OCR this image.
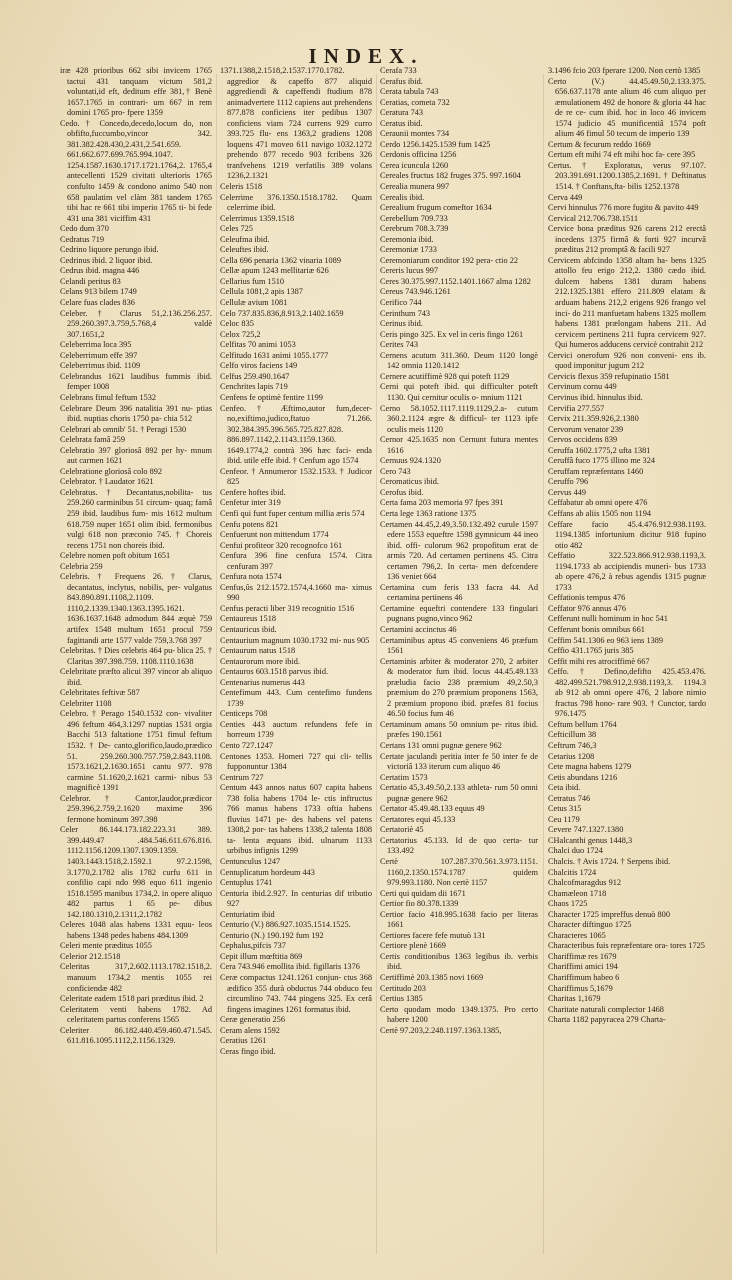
INDEX.
iræ 428 prioribus 662 sibi invicem 1765 tactui 431 tanquam victum 581,2 voluntati,id eft, deditum effe 381,† Benè 1657.1765 in contrari- um 667 in rem domini 1765 pro- fpere 1359
Cedo. † Concedo,decedo,locum do, non obfifto,fuccumbo,vincor 342. 381.382.428.430,2.431,2.541.659. 661.662.677.699.765.994.1047. 1254.1587.1630.1717.1721.1764,2. 1765,4 antecellenti 1529 civitati ulterioris 1765 confulto 1459 & condono animo 540 non 658 paulatim vel clàm 381 tandem 1765 tibi hac re 661 tibi imperio 1765 ti- bi fede 431 una 381 viciffim 431
Cedo dum 370
Cedratus 719
Cedrino liquore perungo ibid.
Cedrinus ibid. 2 liquor ibid.
Cedrus ibid. magna 446
Celandi peritus 83
Celans 913 bilem 1749
Celare fuas clades 836
Celeber. † Clarus 51,2.136.256.257. 259.260.397.3.759,5.768,4 valdè 307.1651,2
Celeberrima loca 395
Celeberrimum effe 397
Celeberrimus ibid. 1109
Celebrandus 1621 laudibus fummis ibid. femper 1008
Celebrans fimul feftum 1532
Celebrare Deum 396 natalitia 391 nu- ptias ibid. nuptias choris 1750 pa- chia 512
Celebrari ab omnib' 51. † Peragi 1530
Celebrata famâ 259
Celebratio 397 gloriosâ 892 per hy- mnum aut carmen 1621
Celebratione gloriosâ colo 892
Celebrator. † Laudator 1621
Celebratus. † Decantatus,nobilita- tus 259.260 carminibus 51 circum- quaq; famâ 259 ibid. laudibus fum- mis 1612 multum 618.759 nuper 1651 olim ibid. fermonibus vulgi 618 non præconio 745. † Choreis recens 1751 non choreis ibid.
Celebre nomen poft obitum 1651
Celebria 259
Celebris. † Frequens 26. † Clarus, decantatus, inclytus, nobilis, per- vulgatus 843.890.891.1108,2.1109. 1110,2.1339.1340.1363.1395.1621. 1636.1637.1648 admodum 844 æquè 759 artifex 1548 multum 1651 procul 759 fagittandi arte 1577 valde 759,3.768 397
Celebritas. † Dies celebris 464 pu- blica 25. † Claritas 397.398.759. 1108.1110.1638
Celebritate præfto alicui 397 vincor ab aliquo ibid.
Celebritates feftivæ 587
Celebriter 1108
Celebro. † Perago 1540.1532 con- vivaliter 496 feftum 464,3.1297 nuptias 1531 orgia Bacchi 513 faltatione 1751 fimul feftum 1532. † De- canto,glorifico,laudo,prædico 51. 259.260.300.757.759,2.843.1108. 1573.1621,2.1630.1651 cantu 977. 978 carmine 51.1620,2.1621 carmi- nibus 53 magnificè 1391
Celebror. † Cantor,laudor,prædicor 259.396,2.759,2.1620 maxime 396 fermone hominum 397.398
Celer 86.144.173.182.223.31 389. 399.449.47 .484.546.611.676.816. 1112.1156.1209.1307.1309.1359. 1403.1443.1518,2.1592.1 97.2.1598, 3.1770,2.1782 alis 1782 curfu 611 in confilio capi ndo 998 equo 611 ingenio 1518.1595 manibus 1734,2. in opere aliquo 482 partus 1 65 pe- dibus 142.180.1310,2.1311,2.1782
Celeres 1048 alas habens 1331 equu- leos habens 1348 pedes habens 484.1309
Celeri mente præditus 1055
Celerior 212.1518
Celeritas 317,2.602.1113.1782.1518,2. manuum 1734,2 mentis 1055 rei conficiendæ 482
Celeritate eadem 1518 pari præditus ibid. 2
Celeritatem venti habens 1782. Ad celeritatem partus conferens 1565
Celeriter 86.182.440.459.460.471.545. 611.816.1095.1112,2.1156.1329.
1371.1388,2.1518,2.1537.1770.1782. aggredior & capeffo 877 aliquid aggrediendi & capeffendi ftudium 878 animadvertere 1112 capiens aut prehendens 877.878 conficiens iter pedibus 1307 conficiens viam 724 currens 929 curro 393.725 flu- ens 1363,2 gradiens 1208 loquens 471 moveo 611 navigo 1032.1272 prehendo 877 recedo 903 fcribens 326 tranfvehens 1219 verfatilis 389 volans 1236,2.1321
Celeris 1518
Celerrime 376.1350.1518.1782. Quam celerrime ibid.
Celerrimus 1359.1518
Celes 725
Celeufma ibid.
Celeuftes ibid.
Cella 696 penaria 1362 vinaria 1089
Cellæ apum 1243 mellitariæ 626
Cellarius fum 1510
Cellula 1081,2 apis 1387
Cellulæ avium 1081
Celo 737.835.836,8.913,2.1402.1659
Celoc 835
Celox 725,2
Celfitas 70 animi 1053
Celfitudo 1631 animi 1055.1777
Celfo viros faciens 149
Celfus 259.490.1647
Cenchrites lapis 719
Cenfens fe optimè fentire 1199
Cenfeo. † Æftimo,autor fum,decer- no,exiftimo,judico,ftatuo 71.266. 302.384.395.396.565.725.827.828. 886.897.1142,2.1143.1159.1360. 1649.1774,2 contrà 396 hæc faci- enda ibid. utile effe ibid. † Cenfum ago 1574
Cenfeor. † Annumeror 1532.1533. † Judicor 825
Cenfere hoftes ibid.
Cenfetur inter 319
Cenfi qui funt fuper centum millia æris 574
Cenfu potens 821
Cenfuerunt non mittendum 1774
Cenfui profiteor 320 recognofco 161
Cenfura 396 fine cenfura 1574. Citra cenfuram 397
Cenfura nota 1574
Cenfus,ûs 212.1572.1574,4.1660 ma- ximus 990
Cenfus peracti liber 319 recognitio 1516
Centaureus 1518
Centauricus ibid.
Centaurium magnum 1030.1732 mi- nus 905
Centaurum natus 1518
Centaurorum more ibid.
Centauros 603.1518 parvus ibid.
Centenarius numerus 443
Centefimum 443. Cum centefimo fundens 1739
Centiceps 708
Centies 443 auctum refundens fefe in horreum 1739
Cento 727.1247
Centones 1353. Homeri 727 qui cli- tellis fupponuntur 1384
Centrum 727
Centum 443 annos natus 607 capita habens 738 folia habens 1704 le- ctis inftructus 766 manus habens 1733 oftia habens fluvius 1471 pe- des habens vel patens 1308,2 por- tas habens 1338,2 talenta 1808 ta- lenta æquans ibid. ulnarum 1133 urbibus infignis 1299
Centunculus 1247
Centuplicatum hordeum 443
Centuplus 1741
Centuria ibid.2.927. In centurias dif tributio 927
Centuriatim ibid
Centurio (V.) 886.927.1035.1514.1525.
Centurio (N.) 190.192 fum 192
Cephalus,pifcis 737
Cepit illum mœftitia 869
Cera 743.946 emollita ibid. figillaris 1376
Ceræ compactus 1241.1261 conjun- ctus 368 ædifico 355 durà obductus 744 obduco feu circumlino 743. 744 pingens 325. Ex cerâ fingens imagines 1261 formatus ibid.
Ceræ generatio 256
Ceram alens 1592
Ceratius 1261
Ceras fingo ibid.
Cerafa 733
Cerafus ibid.
Cerata tabula 743
Ceratias, cometa 732
Ceratura 743
Ceratus ibid.
Ceraunii montes 734
Cerdo 1256.1425.1539 fum 1425
Cerdonis officina 1256
Cerea icuncula 1260
Cereales fructus 182 fruges 375. 997.1604
Cerealia munera 997
Cerealis ibid.
Cerealium frugum comeftor 1634
Cerebellum 709.733
Cerebrum 708.3.739
Ceremonia ibid.
Ceremoniæ 1733
Ceremoniarum conditor 192 pera- ctio 22
Cereris lucus 997
Ceres 30.375.997.1152.1401.1667 alma 1282
Cereus 743.946.1261
Cerifico 744
Cerinthum 743
Cerinus ibid.
Ceris pingo 325. Ex vel in ceris fingo 1261
Cerites 743
Cernens acutum 311.360. Deum 1120 longè 142 omnia 1120.1412
Cernere acutiffimè 928 qui poteft 1129
Cerni qui poteft ibid. qui difficulter poteft 1130. Qui cernitur oculis o- mnium 1121
Cerno 58.1052.1117.1119.1129,2.a- cutum 360.2.1124 ægre & difficul- ter 1123 ipfe oculis meis 1120
Cernor 425.1635 non Cernunt futura mentes 1616
Cernuus 924.1320
Cero 743
Ceromaticus ibid.
Cerofus ibid.
Certa fama 203 memoria 97 fpes 391
Certa lege 1363 ratione 1375
Certamen 44.45,2.49,3.50.132.492 curule 1597 edere 1553 equeftre 1598 gymnicum 44 ineo ibid. offi- culorum 962 propofitum erat de armis 720. Ad certamen pertinens 45. Citra certamen 796,2. In certa- men defcendere 136 veniet 664
Certamina cum feris 133 facra 44. Ad certamina pertinens 46
Certamine equeftri contendere 133 fingulari pugnans pugno,vinco 962
Certamini accinctus 46
Certaminibus aptus 45 conveniens 46 præfum 1561
Certaminis arbiter & moderator 270, 2 arbiter & moderator fum ibid. locus 44.45.49.133 præludia facio 238 præmium 49,2.50,3 præmium do 270 præmium proponens 1563, 2 præmium propono ibid. præfes 81 focius 46.50 focius fum 46
Certaminum amans 50 omnium pe- ritus ibid. præfes 190.1561
Certans 131 omni pugnæ genere 962
Certate jaculandi peritia inter fe 50 inter fe de victoriâ 133 iterum cum aliquo 46
Certatim 1573
Certatio 45,3.49.50,2.133 athleta- rum 50 omni pugnæ genere 962
Certator 45.49.48.133 equus 49
Certatores equi 45.133
Certatoriè 45
Certatorius 45.133. Id de quo certa- tur 133.492
Certè 107.287.370.561.3.973.1151. 1160,2.1350.1574.1787 quidem 979.993.1180. Non certè 1157
Certi qui quidam dii 1671
Certior fio 80.378.1339
Certior facio 418.995.1638 facio per literas 1661
Certiores facere fefe mutuò 131
Certiore plenè 1669
Certis conditionibus 1363 legibus ib. verbis ibid.
Certiffimè 203.1385 novi 1669
Certitudo 203
Certius 1385
Certo quodam modo 1349.1375. Pro certo habere 1200
Certè 97.203,2.248.1197.1363.1385,
3.1496 fcio 203 fperare 1200. Non certò 1385
Certo (V.) 44.45.49.50,2.133.375. 656.637.1178 ante alium 46 cum aliquo per æmulationem 492 de honore & gloria 44 hac de re ce- cum ibid. hoc in loco 46 invicem 1574 judicio 45 munificentiâ 1574 poft alium 46 fimul 50 tecum de imperio 139
Certum & fecurum reddo 1669
Certum eft mihi 74 eft mihi hoc fa- cere 395
Certus. † Exploratus, verus 97.107. 203.391.691.1200.1385,2.1691. † Deftinatus 1514. † Conftans,fta- bilis 1252.1378
Cerva 449
Cervi hinnulus 776 more fugito & pavito 449
Cervical 212.706.738.1511
Cervice bona præditus 926 carens 212 erectâ incedens 1375 firmâ & forti 927 incurvâ præditus 212 promptâ & facili 927
Cervicem abfcindo 1358 altam ha- bens 1325 attollo feu erigo 212,2. 1380 cædo ibid. dulcem habens 1381 duram habens 212.1325.1381 effero 211.809 elatam & arduam habens 212,2 erigens 926 frango vel inci- do 211 manfuetam habens 1325 mollem habens 1381 prælongam habens 211. Ad cervicem pertinens 211 fupra cervicem 927. Qui humeros adducens cervicè contrahit 212
Cervici onerofum 926 non conveni- ens ib. quod imponitur jugum 212
Cervicis flexus 359 refupinatio 1581
Cervinum cornu 449
Cervinus ibid. hinnulus ibid.
Cervifia 277.557
Cervix 211.359.926,2.1380
Cervorum venator 239
Cervos occidens 839
Ceruffa 1602.1775,2 ufta 1381
Ceruffâ fuco 1775 illino me 324
Ceruffam repræfentans 1460
Ceruffo 796
Cervus 449
Ceffabatur ab omni opere 476
Ceffans ab aliis 1505 non 1194
Ceffare facio 45.4.476.912.938.1193. 1194.1385 infortunium dicitur 918 fupino otio 482
Ceffatio 322.523.866.912.938.1193,3. 1194.1733 ab accipiendis munerì- bus 1733 ab opere 476,2 à rebus agendis 1315 pugnæ 1733
Ceffationis tempus 476
Ceffator 976 annus 476
Cefferunt nulli hominum in hoc 541
Cefferunt bonis omnibus 661
Ceffim 541.1306 eo 963 iens 1389
Ceffio 431.1765 juris 385
Ceffit mihi res atrociffimè 667
Ceffo. † Defino,defifto 425.453.476. 482.499.521.798.912,2.938.1193,3. 1194.3 ab 912 ab omni opere 476, 2 labore nimio fractus 798 hono- rare 903. † Cunctor, tardo 976.1475
Ceftum bellum 1764
Cefticillum 38
Ceftrum 746,3
Cetarius 1208
Cete magna habens 1279
Cetis abundans 1216
Ceta ibid.
Cetratus 746
Cetus 315
Ceu 1179
Cevere 747.1327.1380
CHalcanthi genus 1448,3
Chalci duo 1724
Chalcis. † Avis 1724. † Serpens ibid.
Chalcitis 1724
Chalcofmaragdus 912
Chamæleon 1718
Chaos 1725
Character 1725 impreffus denuò 800
Character diftinguo 1725
Characteres 1065
Characteribus fuis repræfentare ora- tores 1725
Chariffimæ res 1679
Chariffimi amici 194
Chariffimum habeo 6
Chariffimus 5,1679
Charitas 1,1679
Charitate naturali complector 1468
Charta 1182 papyracea 279 Charta-
